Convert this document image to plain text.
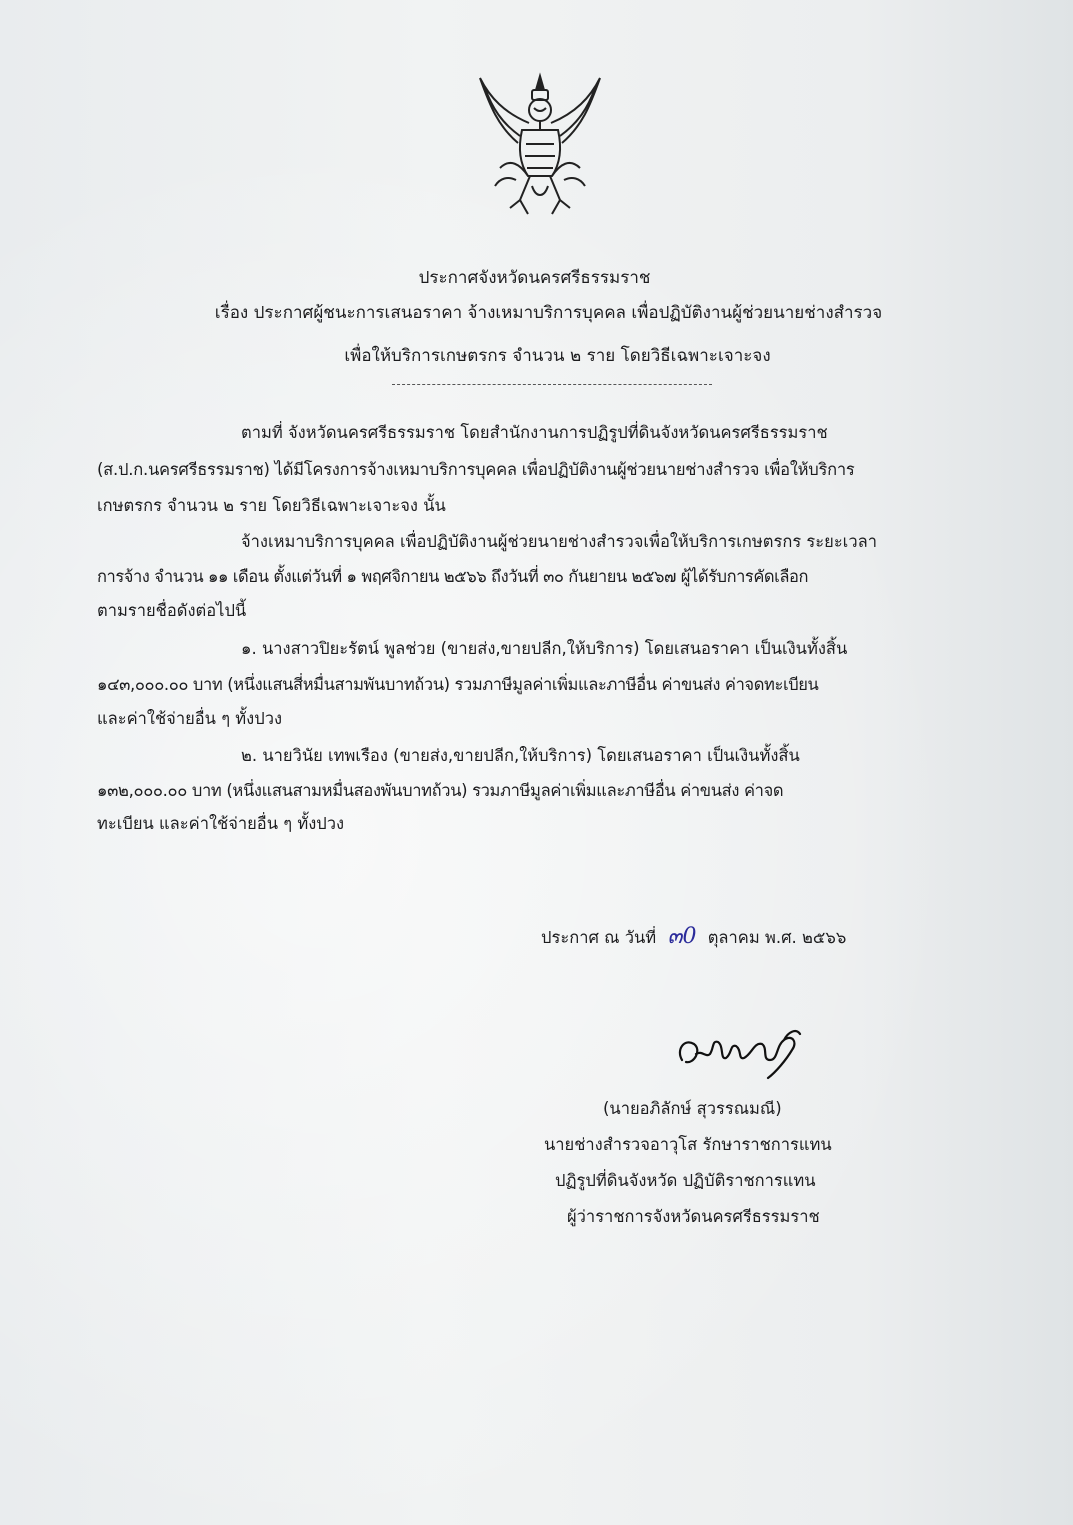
ประกาศจังหวัดนครศรีธรรมราช
เรื่อง ประกาศผู้ชนะการเสนอราคา จ้างเหมาบริการบุคคล เพื่อปฏิบัติงานผู้ช่วยนายช่างสำรวจ
เพื่อให้บริการเกษตรกร จำนวน ๒ ราย โดยวิธีเฉพาะเจาะจง
ตามที่ จังหวัดนครศรีธรรมราช โดยสำนักงานการปฏิรูปที่ดินจังหวัดนครศรีธรรมราช
(ส.ป.ก.นครศรีธรรมราช) ได้มีโครงการจ้างเหมาบริการบุคคล เพื่อปฏิบัติงานผู้ช่วยนายช่างสำรวจ เพื่อให้บริการ
เกษตรกร จำนวน ๒ ราย โดยวิธีเฉพาะเจาะจง นั้น
จ้างเหมาบริการบุคคล เพื่อปฏิบัติงานผู้ช่วยนายช่างสำรวจเพื่อให้บริการเกษตรกร ระยะเวลา
การจ้าง จำนวน ๑๑ เดือน ตั้งแต่วันที่ ๑ พฤศจิกายน ๒๕๖๖ ถึงวันที่ ๓๐ กันยายน ๒๕๖๗ ผู้ได้รับการคัดเลือก
ตามรายชื่อดังต่อไปนี้
๑. นางสาวปิยะรัตน์ พูลช่วย (ขายส่ง,ขายปลีก,ให้บริการ) โดยเสนอราคา เป็นเงินทั้งสิ้น
๑๔๓,๐๐๐.๐๐ บาท (หนึ่งแสนสี่หมื่นสามพันบาทถ้วน) รวมภาษีมูลค่าเพิ่มและภาษีอื่น ค่าขนส่ง ค่าจดทะเบียน
และค่าใช้จ่ายอื่น ๆ ทั้งปวง
๒. นายวินัย เทพเรือง (ขายส่ง,ขายปลีก,ให้บริการ) โดยเสนอราคา เป็นเงินทั้งสิ้น
๑๓๒,๐๐๐.๐๐ บาท (หนึ่งแสนสามหมื่นสองพันบาทถ้วน) รวมภาษีมูลค่าเพิ่มและภาษีอื่น ค่าขนส่ง ค่าจด
ทะเบียน และค่าใช้จ่ายอื่น ๆ ทั้งปวง
ประกาศ ณ วันที่ ๓0 ตุลาคม พ.ศ. ๒๕๖๖
(นายอภิลักษ์ สุวรรณมณี)
นายช่างสำรวจอาวุโส รักษาราชการแทน
ปฏิรูปที่ดินจังหวัด ปฏิบัติราชการแทน
ผู้ว่าราชการจังหวัดนครศรีธรรมราช
